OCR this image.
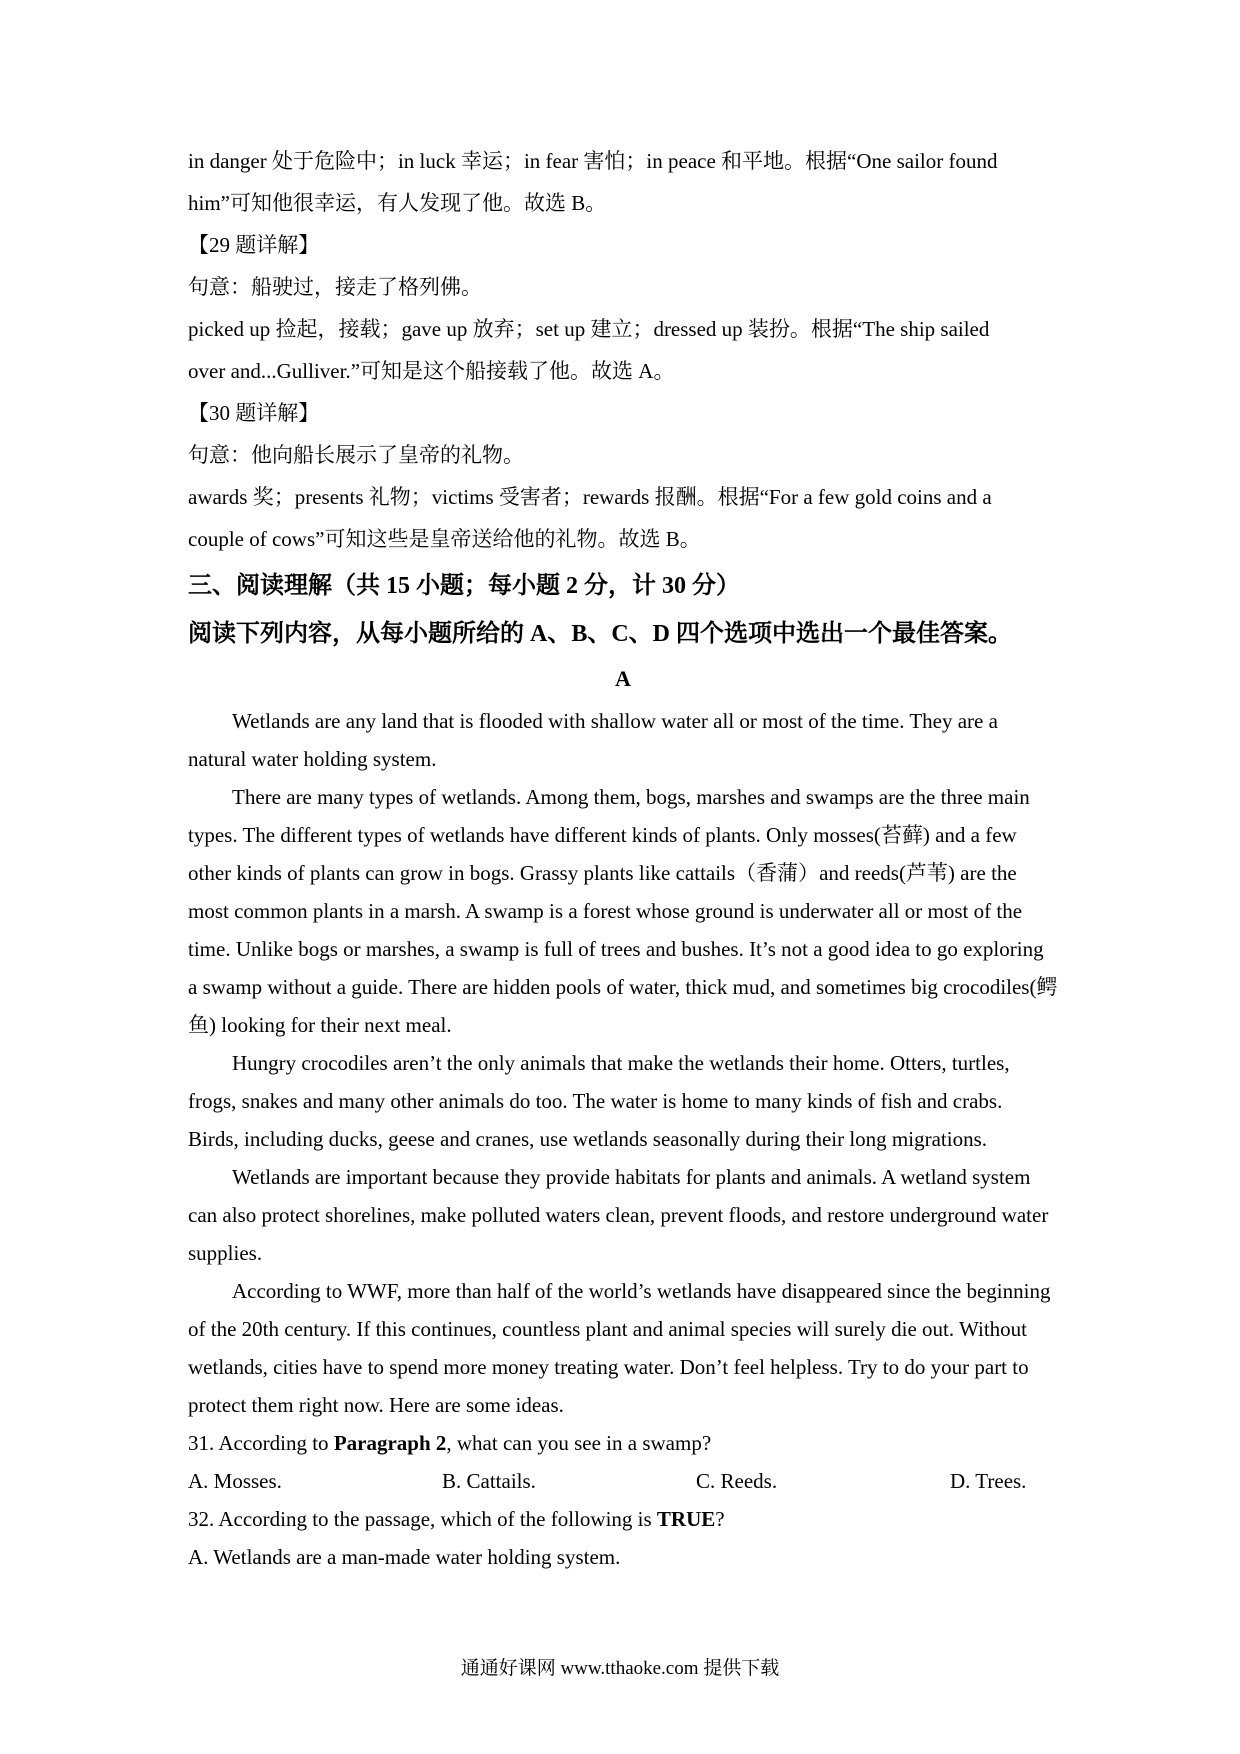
in danger 处于危险中；in luck 幸运；in fear 害怕；in peace 和平地。根据“One sailor found
him”可知他很幸运，有人发现了他。故选 B。
【29 题详解】
句意：船驶过，接走了格列佛。
picked up 捡起，接载；gave up 放弃；set up 建立；dressed up 装扮。根据“The ship sailed
over and...Gulliver.”可知是这个船接载了他。故选 A。
【30 题详解】
句意：他向船长展示了皇帝的礼物。
awards 奖；presents 礼物；victims 受害者；rewards 报酬。根据“For a few gold coins and a
couple of cows”可知这些是皇帝送给他的礼物。故选 B。
三、阅读理解（共 15 小题；每小题 2 分，计 30 分）
阅读下列内容，从每小题所给的 A、B、C、D 四个选项中选出一个最佳答案。
A
Wetlands are any land that is flooded with shallow water all or most of the time. They are a natural water holding system.
There are many types of wetlands. Among them, bogs, marshes and swamps are the three main types. The different types of wetlands have different kinds of plants. Only mosses(苔藓) and a few other kinds of plants can grow in bogs. Grassy plants like cattails（香蒲）and reeds(芦苇) are the most common plants in a marsh. A swamp is a forest whose ground is underwater all or most of the time. Unlike bogs or marshes, a swamp is full of trees and bushes. It’s not a good idea to go exploring a swamp without a guide. There are hidden pools of water, thick mud, and sometimes big crocodiles(鳄鱼) looking for their next meal.
Hungry crocodiles aren’t the only animals that make the wetlands their home. Otters, turtles, frogs, snakes and many other animals do too. The water is home to many kinds of fish and crabs. Birds, including ducks, geese and cranes, use wetlands seasonally during their long migrations.
Wetlands are important because they provide habitats for plants and animals. A wetland system can also protect shorelines, make polluted waters clean, prevent floods, and restore underground water supplies.
According to WWF, more than half of the world’s wetlands have disappeared since the beginning of the 20th century. If this continues, countless plant and animal species will surely die out. Without wetlands, cities have to spend more money treating water. Don’t feel helpless. Try to do your part to protect them right now. Here are some ideas.
31. According to Paragraph 2, what can you see in a swamp?
A. Mosses.	B. Cattails.	C. Reeds.	D. Trees.
32. According to the passage, which of the following is TRUE?
A. Wetlands are a man-made water holding system.
通通好课网 www.tthaoke.com 提供下载
